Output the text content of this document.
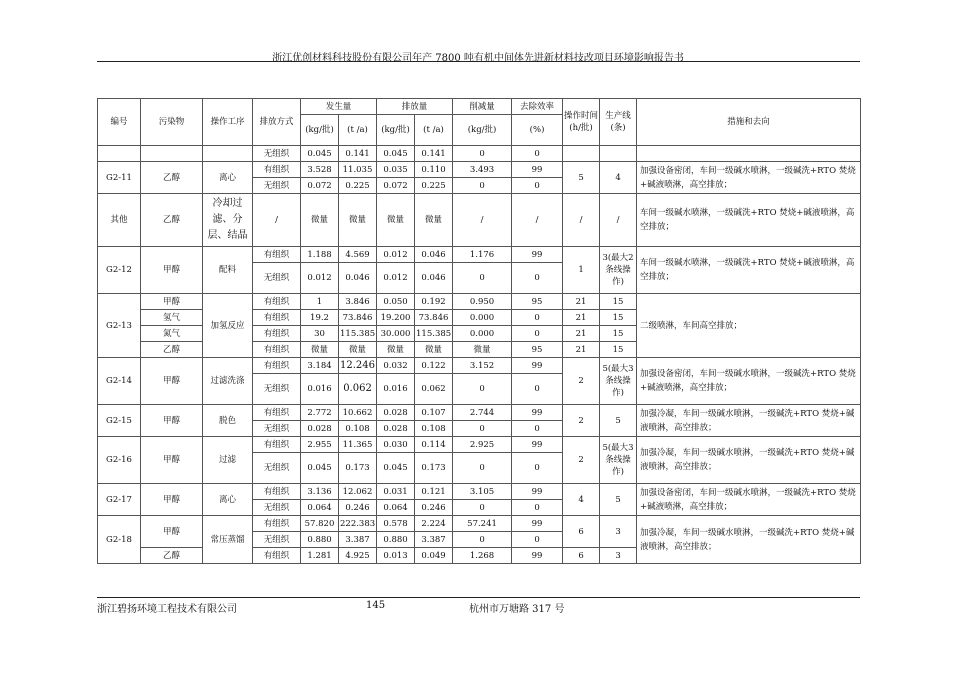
浙江优创材料科技股份有限公司年产 7800 吨有机中间体先进新材料技改项目环境影响报告书
编号	污染物	操作工序	排放方式	发生量		排放量		削减量	去除效率	操作时间(h/批)	生产线(条)	措施和去向
				(kg/批)	(t /a)	(kg/批)	(t /a)	(kg/批)	(%)			
			无组织	0.045	0.141	0.045	0.141	0	0			
G2-11	乙醇	离心	有组织	3.528	11.035	0.035	0.110	3.493	99	5	4	加强设备密闭，车间一级碱水喷淋，一级碱洗+RTO 焚烧+碱液喷淋，高空排放；
			无组织	0.072	0.225	0.072	0.225	0	0			
其他	乙醇	冷却过滤、分层、结晶	/	微量	微量	微量	微量	/	/	/	/	车间一级碱水喷淋，一级碱洗+RTO 焚烧+碱液喷淋，高空排放；
G2-12	甲醇	配料	有组织	1.188	4.569	0.012	0.046	1.176	99	1	3(最大2 条线操作)	车间一级碱水喷淋，一级碱洗+RTO 焚烧+碱液喷淋，高空排放；
			无组织	0.012	0.046	0.012	0.046	0	0			
G2-13	甲醇	加氢反应	有组织	1	3.846	0.050	0.192	0.950	95	21	15	二级喷淋，车间高空排放；
	氢气		有组织	19.2	73.846	19.200	73.846	0.000	0	21	15	
	氮气		有组织	30	115.385	30.000	115.385	0.000	0	21	15	
	乙醇		有组织	微量	微量	微量	微量	微量	95	21	15	
G2-14	甲醇	过滤洗涤	有组织	3.184	12.246	0.032	0.122	3.152	99	2	5(最大3 条线操作)	加强设备密闭，车间一级碱水喷淋，一级碱洗+RTO 焚烧+碱液喷淋，高空排放；
			无组织	0.016	0.062	0.016	0.062	0	0			
G2-15	甲醇	脱色	有组织	2.772	10.662	0.028	0.107	2.744	99	2	5	加强冷凝，车间一级碱水喷淋，一级碱洗+RTO 焚烧+碱液喷淋，高空排放；
			无组织	0.028	0.108	0.028	0.108	0	0			
G2-16	甲醇	过滤	有组织	2.955	11.365	0.030	0.114	2.925	99	2	5(最大3 条线操作)	加强冷凝，车间一级碱水喷淋，一级碱洗+RTO 焚烧+碱液喷淋，高空排放；
			无组织	0.045	0.173	0.045	0.173	0	0			
G2-17	甲醇	离心	有组织	3.136	12.062	0.031	0.121	3.105	99	4	5	加强设备密闭，车间一级碱水喷淋，一级碱洗+RTO 焚烧+碱液喷淋，高空排放；
			无组织	0.064	0.246	0.064	0.246	0	0			
G2-18	甲醇	常压蒸馏	有组织	57.820	222.383	0.578	2.224	57.241	99	6	3	加强冷凝，车间一级碱水喷淋，一级碱洗+RTO 焚烧+碱液喷淋，高空排放；
			无组织	0.880	3.387	0.880	3.387	0	0			
	乙醇		有组织	1.281	4.925	0.013	0.049	1.268	99	6	3	
浙江碧扬环境工程技术有限公司	145	杭州市万塘路 317 号
